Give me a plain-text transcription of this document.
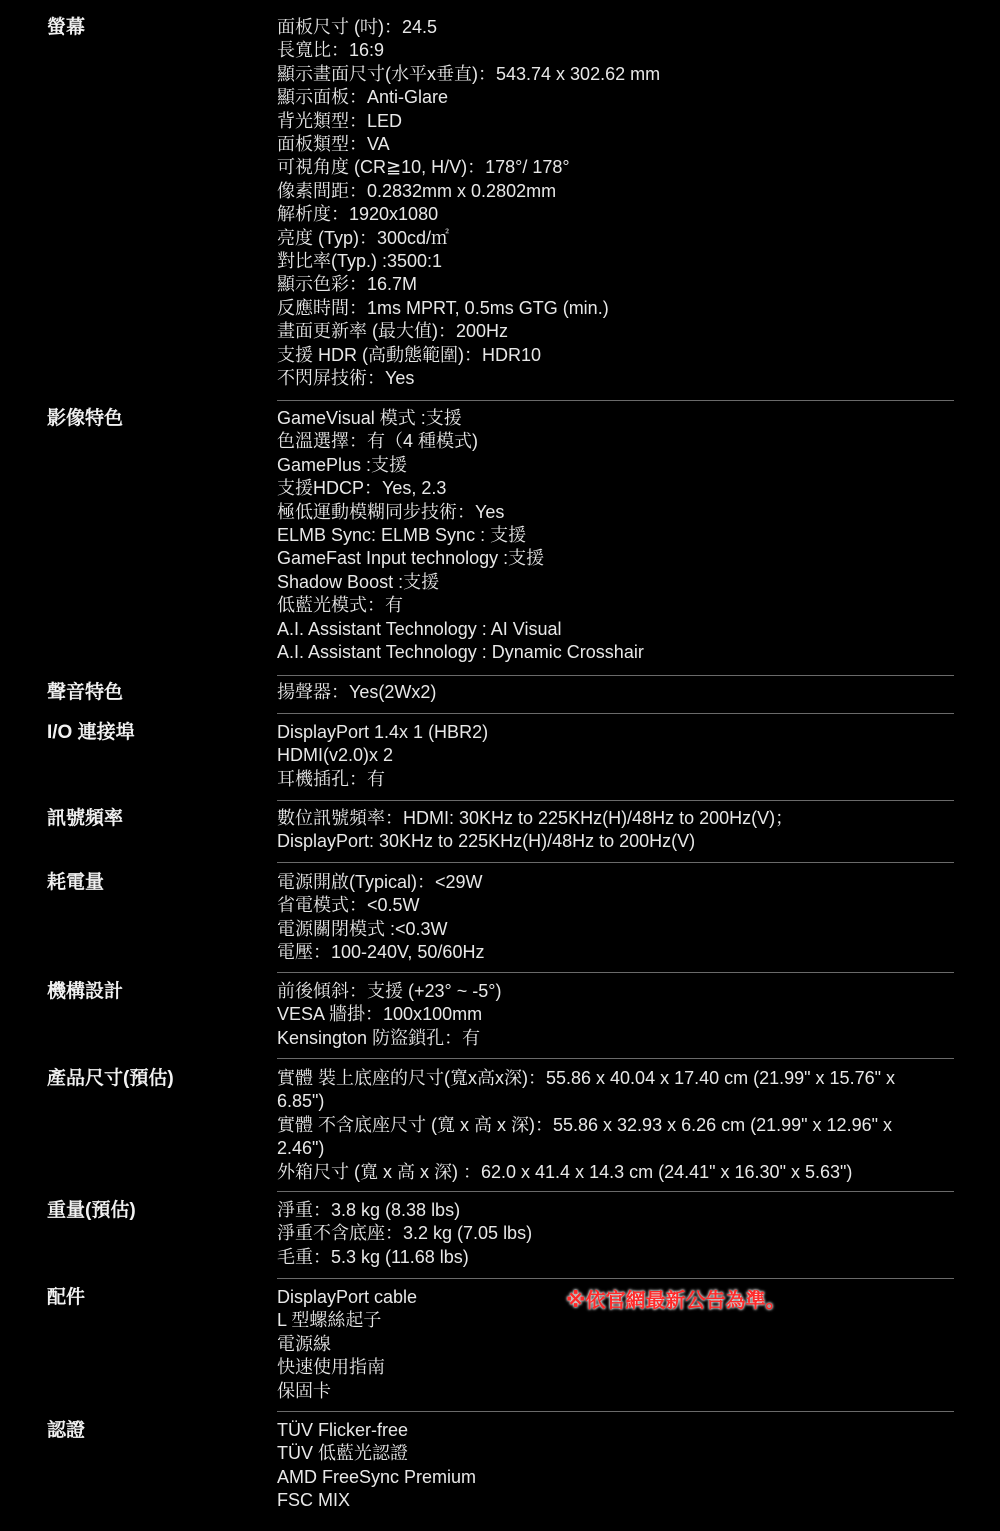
螢幕	面板尺寸 (吋)：24.5
長寬比：16:9
顯示畫面尺寸(水平x垂直)：543.74 x 302.62 mm
顯示面板：Anti-Glare
背光類型：LED
面板類型：VA
可視角度 (CR≧10, H/V)：178°/ 178°
像素間距：0.2832mm x 0.2802mm
解析度：1920x1080
亮度 (Typ)：300cd/㎡
對比率(Typ.) :3500:1
顯示色彩：16.7M
反應時間：1ms MPRT, 0.5ms GTG (min.)
畫面更新率 (最大值)：200Hz
支援 HDR (高動態範圍)：HDR10
不閃屏技術：Yes
影像特色	GameVisual 模式 :支援
色溫選擇：有（4 種模式)
GamePlus :支援
支援HDCP：Yes, 2.3
極低運動模糊同步技術：Yes
ELMB Sync: ELMB Sync : 支援
GameFast Input technology :支援
Shadow Boost :支援
低藍光模式：有
A.I. Assistant Technology : AI Visual
A.I. Assistant Technology : Dynamic Crosshair
聲音特色	揚聲器：Yes(2Wx2)
I/O 連接埠	DisplayPort 1.4x 1 (HBR2)
HDMI(v2.0)x 2
耳機插孔：有
訊號頻率	數位訊號頻率：HDMI: 30KHz to 225KHz(H)/48Hz to 200Hz(V)；
DisplayPort: 30KHz to 225KHz(H)/48Hz to 200Hz(V)
耗電量	電源開啟(Typical)：<29W
省電模式：<0.5W
電源關閉模式 :<0.3W
電壓：100-240V, 50/60Hz
機構設計	前後傾斜：支援 (+23° ~ -5°)
VESA 牆掛：100x100mm
Kensington 防盜鎖孔：有
產品尺寸(預估)	實體 裝上底座的尺寸(寬x高x深)：55.86 x 40.04 x 17.40 cm (21.99" x 15.76" x
6.85")
實體 不含底座尺寸 (寬 x 高 x 深)：55.86 x 32.93 x 6.26 cm (21.99" x 12.96" x
2.46")
外箱尺寸 (寬 x 高 x 深) ：62.0 x 41.4 x 14.3 cm (24.41" x 16.30" x 5.63")
重量(預估)	淨重：3.8 kg (8.38 lbs)
淨重不含底座：3.2 kg (7.05 lbs)
毛重：5.3 kg (11.68 lbs)
配件	DisplayPort cable
L 型螺絲起子
電源線
快速使用指南
保固卡
※依官網最新公告為準。
認證	TÜV Flicker-free
TÜV 低藍光認證
AMD FreeSync Premium
FSC MIX
